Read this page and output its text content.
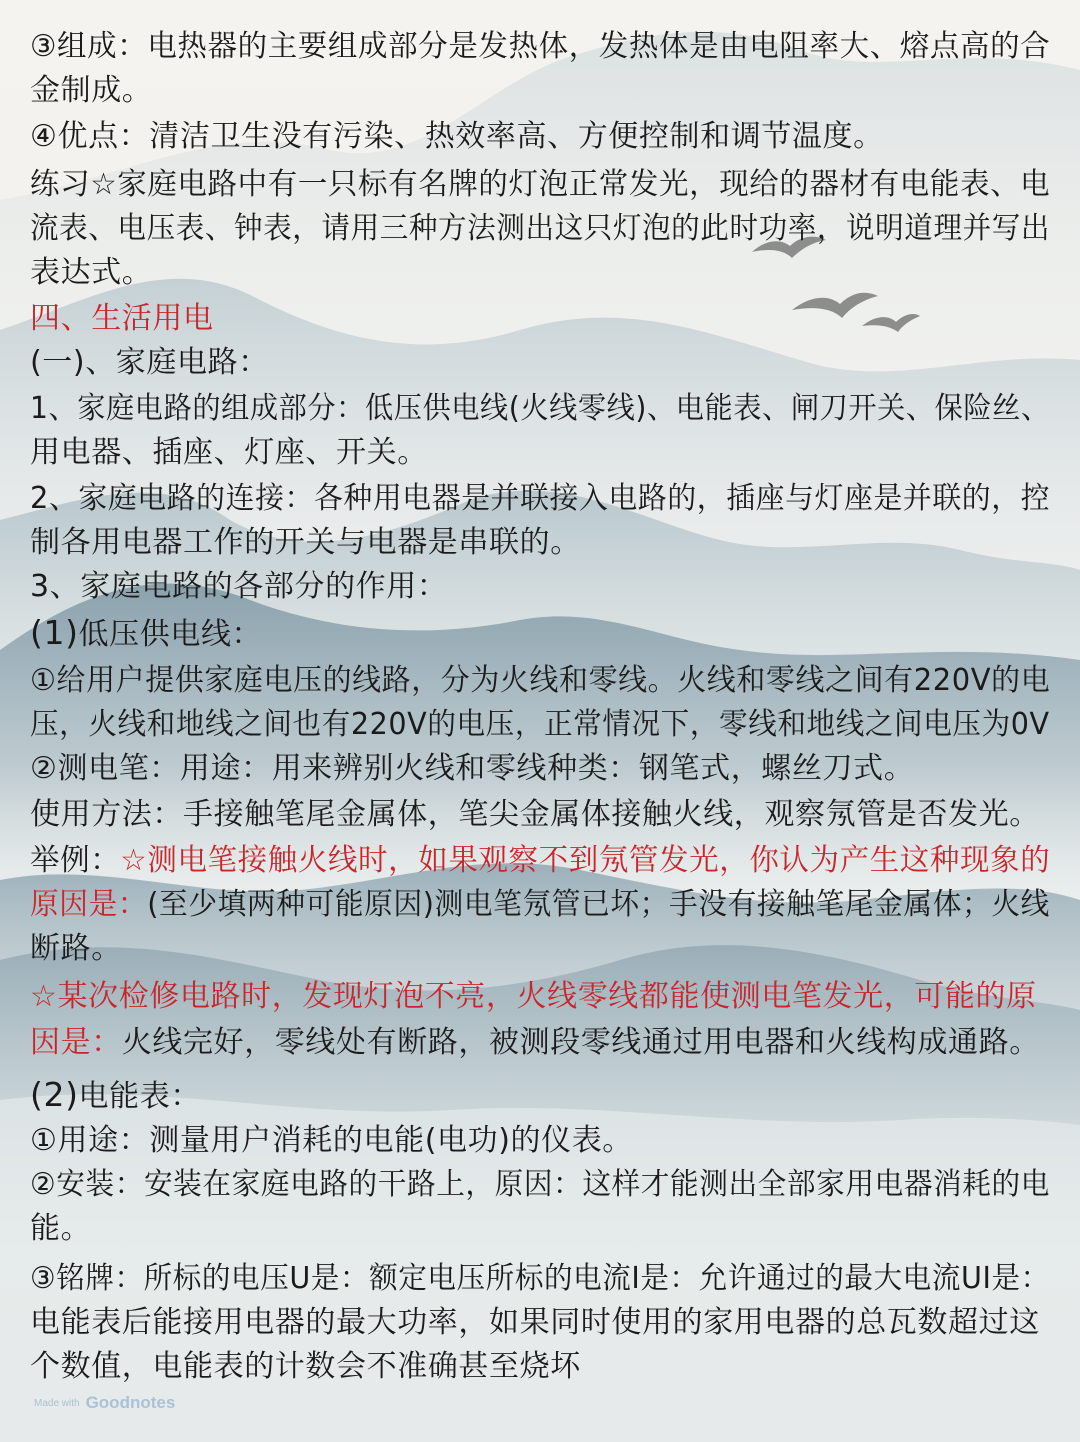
③组成：电热器的主要组成部分是发热体，发热体是由电阻率大、熔点高的合
金制成。
④优点：清洁卫生没有污染、热效率高、方便控制和调节温度。
练习☆家庭电路中有一只标有名牌的灯泡正常发光，现给的器材有电能表、电
流表、电压表、钟表，请用三种方法测出这只灯泡的此时功率，说明道理并写出
表达式。
四、生活用电
(一)、家庭电路：
1、家庭电路的组成部分：低压供电线(火线零线)、电能表、闸刀开关、保险丝、
用电器、插座、灯座、开关。
2、家庭电路的连接：各种用电器是并联接入电路的，插座与灯座是并联的，控
制各用电器工作的开关与电器是串联的。
3、家庭电路的各部分的作用：
(1)低压供电线：
①给用户提供家庭电压的线路，分为火线和零线。火线和零线之间有220V的电
压，火线和地线之间也有220V的电压，正常情况下，零线和地线之间电压为0V
②测电笔：用途：用来辨别火线和零线种类：钢笔式，螺丝刀式。
使用方法：手接触笔尾金属体，笔尖金属体接触火线，观察氖管是否发光。
举例：☆测电笔接触火线时，如果观察不到氖管发光，你认为产生这种现象的
原因是：(至少填两种可能原因)测电笔氖管已坏；手没有接触笔尾金属体；火线
断路。
☆某次检修电路时，发现灯泡不亮，火线零线都能使测电笔发光，可能的原
因是：火线完好，零线处有断路，被测段零线通过用电器和火线构成通路。
(2)电能表：
①用途：测量用户消耗的电能(电功)的仪表。
②安装：安装在家庭电路的干路上，原因：这样才能测出全部家用电器消耗的电
能。
③铭牌：所标的电压U是：额定电压所标的电流I是：允许通过的最大电流UI是：
电能表后能接用电器的最大功率，如果同时使用的家用电器的总瓦数超过这
个数值，电能表的计数会不准确甚至烧坏
Made with Goodnotes
